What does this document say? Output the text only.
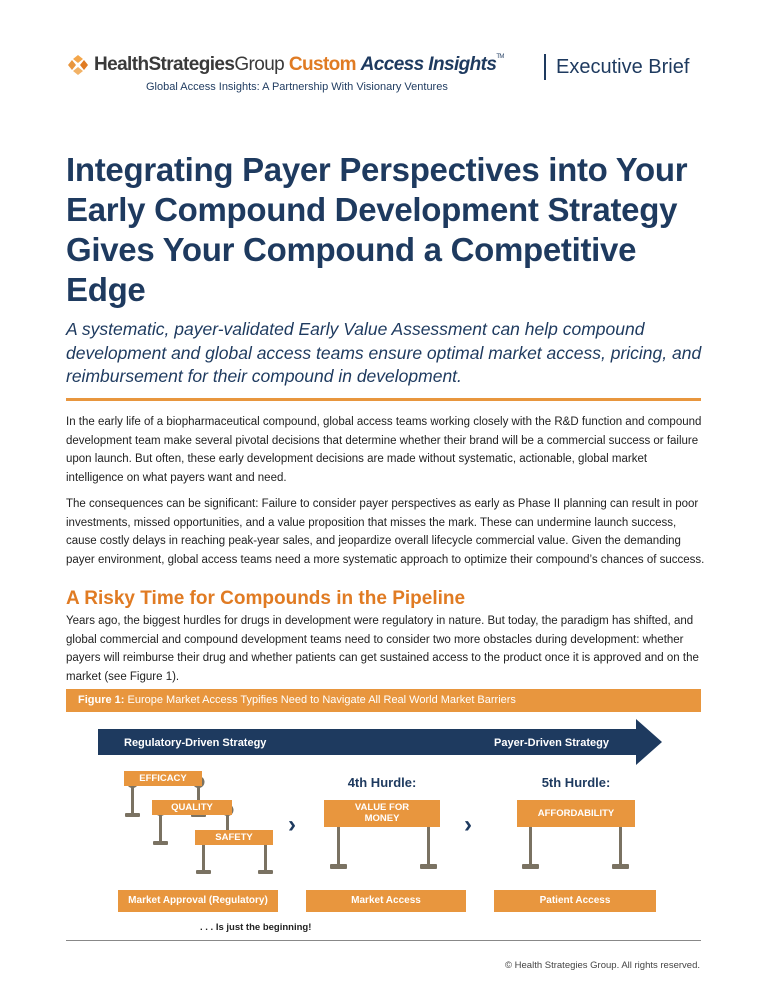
HealthStrategiesGroup Custom Access Insights™
Global Access Insights: A Partnership With Visionary Ventures
Executive Brief
Integrating Payer Perspectives into Your Early Compound Development Strategy Gives Your Compound a Competitive Edge

A systematic, payer-validated Early Value Assessment can help compound development and global access teams ensure optimal market access, pricing, and reimbursement for their compound in development.

In the early life of a biopharmaceutical compound, global access teams working closely with the R&D function and compound development team make several pivotal decisions that determine whether their brand will be a commercial success or failure upon launch. But often, these early development decisions are made without systematic, actionable, global market intelligence on what payers want and need.

The consequences can be significant: Failure to consider payer perspectives as early as Phase II planning can result in poor investments, missed opportunities, and a value proposition that misses the mark. These can undermine launch success, cause costly delays in reaching peak-year sales, and jeopardize overall lifecycle commercial value. Given the demanding payer environment, global access teams need a more systematic approach to optimize their compound’s chances of success.

A Risky Time for Compounds in the Pipeline

Years ago, the biggest hurdles for drugs in development were regulatory in nature. But today, the paradigm has shifted, and global commercial and compound development teams need to consider two more obstacles during development: whether payers will reimburse their drug and whether patients can get sustained access to the product once it is approved and on the market (see Figure 1).

Figure 1: Europe Market Access Typifies Need to Navigate All Real World Market Barriers
Regulatory-Driven Strategy	Payer-Driven Strategy
EFFICACY
QUALITY
SAFETY
VALUE FOR MONEY	AFFORDABILITY
4th Hurdle:	5th Hurdle:
›	›
Market Approval (Regulatory)	Market Access	Patient Access
. . . Is just the beginning!
© Health Strategies Group. All rights reserved.
